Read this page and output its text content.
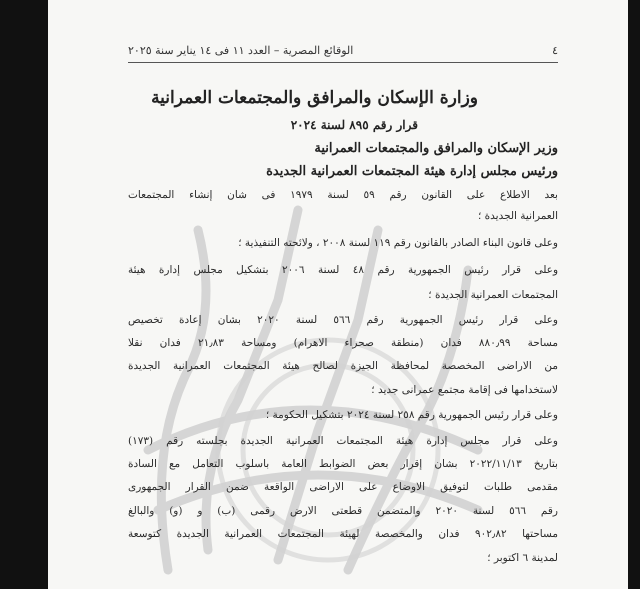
٤
الوقائع المصرية – العدد ١١ فى ١٤ يناير سنة ٢٠٢٥
وزارة الإسكان والمرافق والمجتمعات العمرانية
قرار رقم ٨٩٥ لسنة ٢٠٢٤
وزير الإسكان والمرافق والمجتمعات العمرانية
ورئيس مجلس إدارة هيئة المجتمعات العمرانية الجديدة
بعد الاطلاع على القانون رقم ٥٩ لسنة ١٩٧٩ فى شأن إنشاء المجتمعات
العمرانية الجديدة ؛
وعلى قانون البناء الصادر بالقانون رقم ١١٩ لسنة ٢٠٠٨ ، ولائحته التنفيذية ؛
وعلى قرار رئيس الجمهورية رقم ٤٨ لسنة ٢٠٠٦ بتشكيل مجلس إدارة هيئة
المجتمعات العمرانية الجديدة ؛
وعلى قرار رئيس الجمهورية رقم ٥٦٦ لسنة ٢٠٢٠ بشأن إعادة تخصيص
مساحة ٨٨٠٫٩٩ فدان (منطقة صحراء الأهرام) ومساحة ٢١٫٨٣ فدان نقلاً
من الأراضى المخصصة لمحافظة الجيزة لصالح هيئة المجتمعات العمرانية الجديدة
لاستخدامها فى إقامة مجتمع عمرانى جديد ؛
وعلى قرار رئيس الجمهورية رقم ٢٥٨ لسنة ٢٠٢٤ بتشكيل الحكومة ؛
وعلى قرار مجلس إدارة هيئة المجتمعات العمرانية الجديدة بجلسته رقم (١٧٣)
بتاريخ ٢٠٢٢/١١/١٣ بشأن إقرار بعض الضوابط العامة بأسلوب التعامل مع السادة
مقدمى طلبات لتوفيق الأوضاع على الأراضى الواقعة ضمن القرار الجمهورى
رقم ٥٦٦ لسنة ٢٠٢٠ والمتضمن قطعتى الأرض رقمى (ب) و (و) والبالغ
مساحتها ٩٠٢٫٨٢ فدان والمخصصة لهيئة المجتمعات العمرانية الجديدة كتوسعة
لمدينة ٦ أكتوبر ؛
